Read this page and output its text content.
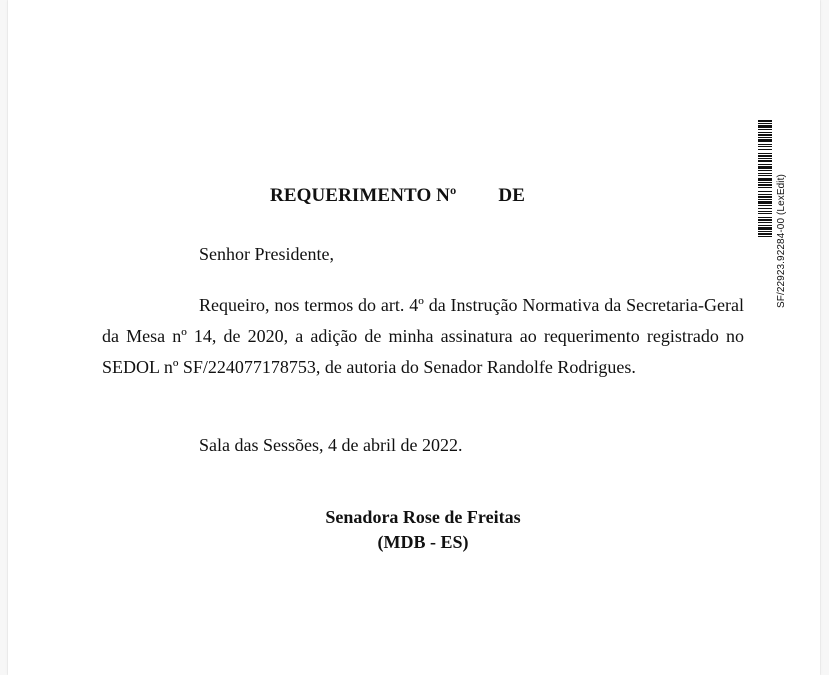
REQUERIMENTO Nº DE
Senhor Presidente,
Requeiro, nos termos do art. 4º da Instrução Normativa da Secretaria-Geral da Mesa nº 14, de 2020, a adição de minha assinatura ao requerimento registrado no SEDOL nº SF/224077178753, de autoria do Senador Randolfe Rodrigues.
Sala das Sessões, 4 de abril de 2022.
Senadora Rose de Freitas
(MDB - ES)
SF/22923.92284-00 (LexEdit)
